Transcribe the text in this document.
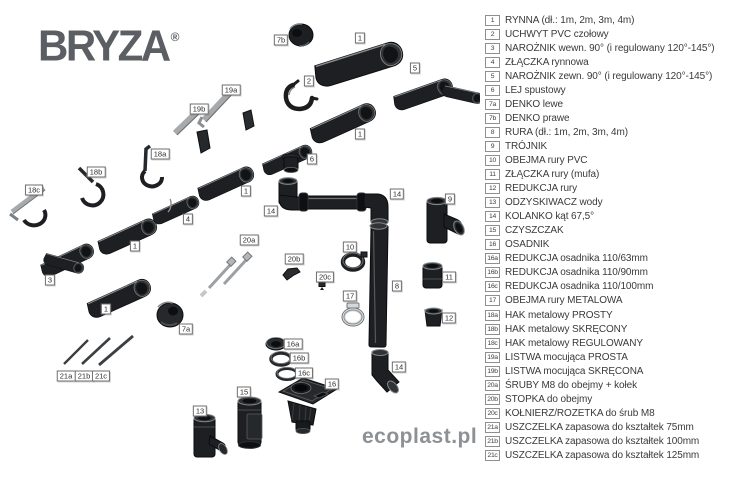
BRYZA ®	7b	1
5
2
19a
19b
1
18a
6
18b
18c	1
14
14
9
4
20a
1	10
20b
11
20c
3
8
17
1
12
7a
16a
16b
16c
14
21a 21b 21c
16
15
13
1	RYNNA (dł.: 1m, 2m, 3m, 4m)
2	UCHWYT PVC czołowy
3	NAROŻNIK wewn. 90° (i regulowany 120°-145°)
4	ZŁĄCZKA rynnowa
5	NAROŻNIK zewn. 90° (i regulowany 120°-145°)
6	LEJ spustowy
7a DENKO lewe
7b DENKO prawe
8	RURA (dł.: 1m, 2m, 3m, 4m)
9	TRÓJNIK
10 OBEJMA rury PVC
11 ZŁĄCZKA rury (mufa)
12 REDUKCJA rury
13 ODZYSKIWACZ wody
14 KOLANKO kąt 67,5°
15 CZYSZCZAK
16 OSADNIK
16a REDUKCJA osadnika 110/63mm
16b REDUKCJA osadnika 110/90mm
16c REDUKCJA osadnika 110/100mm
17 OBEJMA rury METALOWA
18a HAK metalowy PROSTY
18b HAK metalowy SKRĘCONY
18c HAK metalowy REGULOWANY
19a LISTWA mocująca PROSTA
19b LISTWA mocująca SKRĘCONA
20a ŚRUBY M8 do obejmy + kołek
20b STOPKA do obejmy
20c KOŁNIERZ/ROZETKA do śrub M8
21a USZCZELKA zapasowa do kształtek 75mm
21b USZCZELKA zapasowa do kształtek 100mm
21c USZCZELKA zapasowa do kształtek 125mm
ecoplast.pl
